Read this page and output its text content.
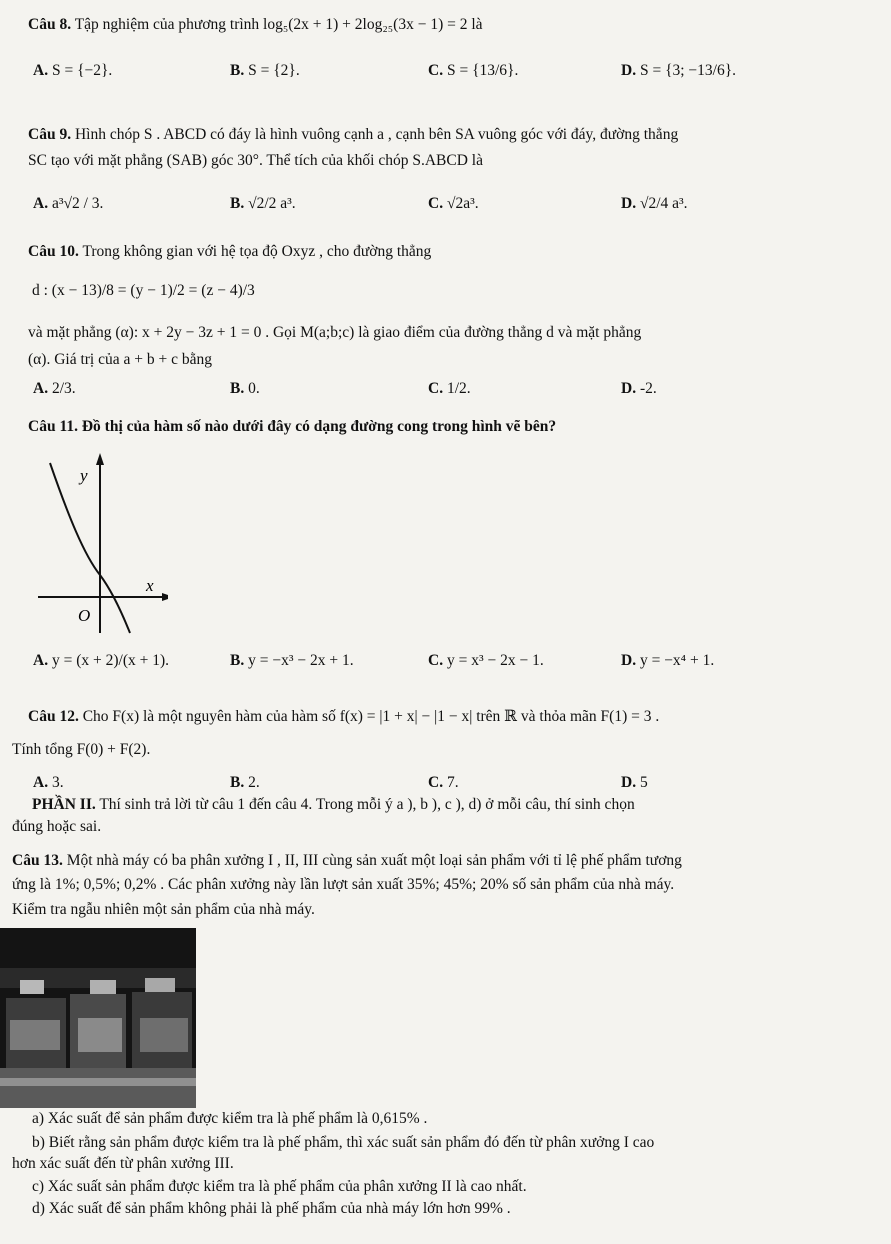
Câu 8. Tập nghiệm của phương trình log₅(2x + 1) + 2log₂₅(3x − 1) = 2 là
A. S = {−2}.	B. S = {2}.	C. S = {13/6}.	D. S = {3; −13/6}.
Câu 9. Hình chóp S . ABCD có đáy là hình vuông cạnh a , cạnh bên SA vuông góc với đáy, đường thẳng
SC tạo với mặt phẳng (SAB) góc 30°. Thể tích của khối chóp S.ABCD là
A. a³√2 / 3.	B. √2/2 a³.	C. √2a³.	D. √2/4 a³.
Câu 10. Trong không gian với hệ tọa độ Oxyz , cho đường thẳng
d : (x − 13)/8 = (y − 1)/2 = (z − 4)/3
và mặt phẳng (α): x + 2y − 3z + 1 = 0 . Gọi M(a;b;c) là giao điểm của đường thẳng d và mặt phẳng
(α). Giá trị của a + b + c bằng
A. 2/3.	B. 0.	C. 1/2.	D. -2.
Câu 11. Đồ thị của hàm số nào dưới đây có dạng đường cong trong hình vẽ bên?
y
x
O
A. y = (x + 2)/(x + 1).	B. y = −x³ − 2x + 1.	C. y = x³ − 2x − 1.	D. y = −x⁴ + 1.
Câu 12. Cho F(x) là một nguyên hàm của hàm số f(x) = |1 + x| − |1 − x| trên ℝ và thỏa mãn F(1) = 3 .
Tính tổng F(0) + F(2).
A. 3.	B. 2.	C. 7.	D. 5
PHẦN II. Thí sinh trả lời từ câu 1 đến câu 4. Trong mỗi ý a ), b ), c ), d) ở mỗi câu, thí sinh chọn
đúng hoặc sai.
Câu 13. Một nhà máy có ba phân xưởng I , II, III cùng sản xuất một loại sản phẩm với tỉ lệ phế phẩm tương
ứng là 1%; 0,5%; 0,2% . Các phân xưởng này lần lượt sản xuất 35%; 45%; 20% số sản phẩm của nhà máy.
Kiểm tra ngẫu nhiên một sản phẩm của nhà máy.
a) Xác suất để sản phẩm được kiểm tra là phế phẩm là 0,615% .
b) Biết rằng sản phẩm được kiểm tra là phế phẩm, thì xác suất sản phẩm đó đến từ phân xưởng I cao
hơn xác suất đến từ phân xưởng III.
c) Xác suất sản phẩm được kiểm tra là phế phẩm của phân xưởng II là cao nhất.
d) Xác suất để sản phẩm không phải là phế phẩm của nhà máy lớn hơn 99% .
